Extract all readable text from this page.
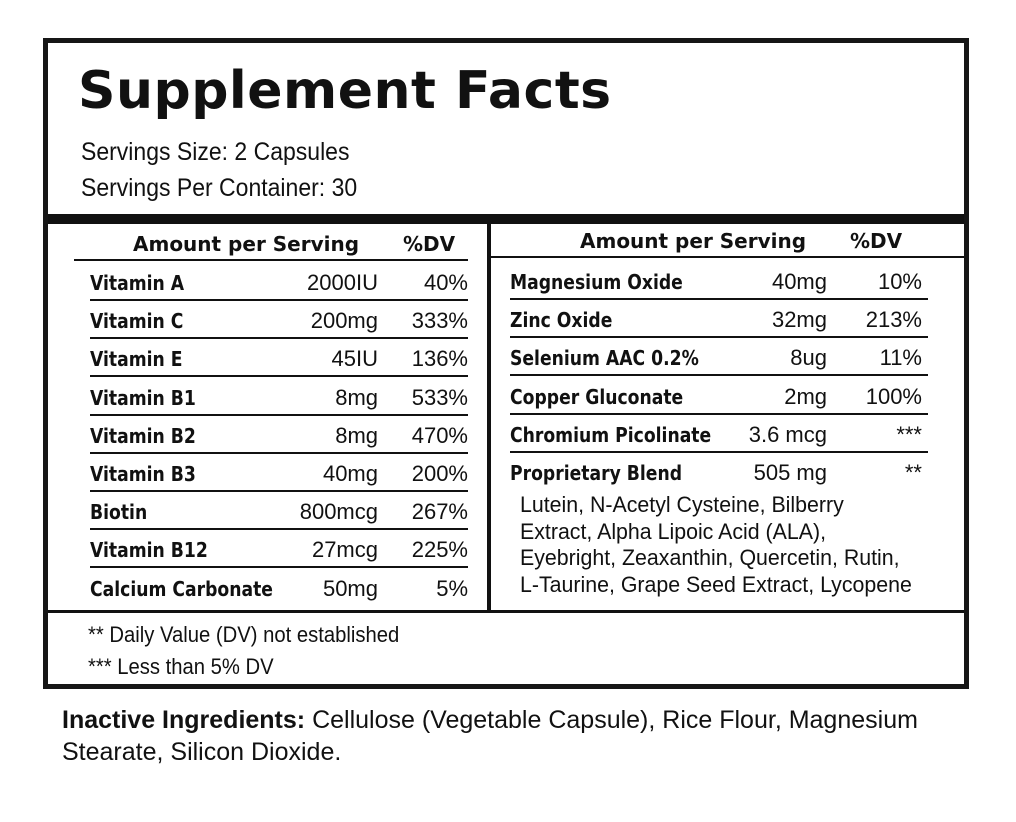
Supplement Facts
Servings Size: 2 Capsules
Servings Per Container: 30
Amount per Serving %DV	Amount per Serving %DV
Vitamin A	2000IU 40%
Vitamin C	200mg 333%
Vitamin E	45IU 136%
Vitamin B1	8mg 533%
Vitamin B2	8mg 470%
Vitamin B3	40mg 200%
Biotin	800mcg 267%
Vitamin B12	27mcg 225%
Calcium Carbonate 50mg	5%
Magnesium Oxide	40mg 10%
Zinc Oxide	32mg 213%
Selenium AAC 0.2%	8ug 11%
Copper Gluconate	2mg 100%
Chromium Picolinate 3.6 mcg	***
Proprietary Blend	505 mg	**
Lutein, N-Acetyl Cysteine, Bilberry
Extract, Alpha Lipoic Acid (ALA),
Eyebright, Zeaxanthin, Quercetin, Rutin,
L-Taurine, Grape Seed Extract, Lycopene
** Daily Value (DV) not established
*** Less than 5% DV
Inactive Ingredients: Cellulose (Vegetable Capsule), Rice Flour, Magnesium Stearate, Silicon Dioxide.
